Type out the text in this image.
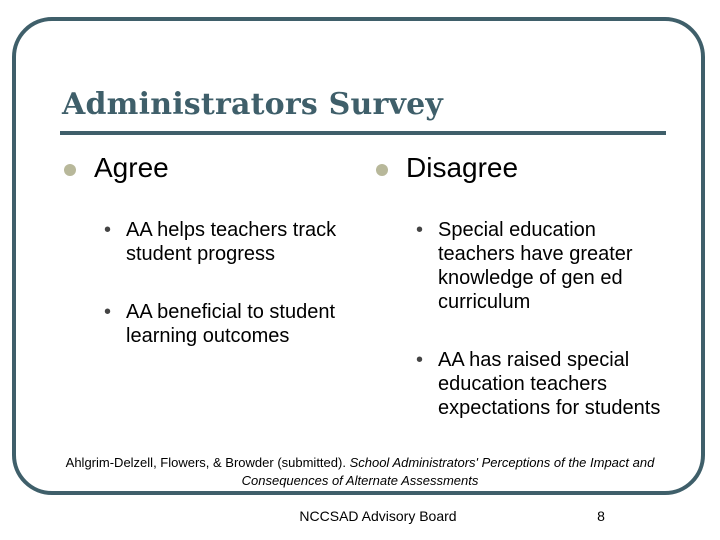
Administrators Survey
Agree
• AA helps teachers track student progress
• AA beneficial to student learning outcomes
Disagree
• Special education teachers have greater knowledge of gen ed curriculum
• AA has raised special education teachers expectations for students
Ahlgrim-Delzell, Flowers, & Browder (submitted). School Administrators' Perceptions of the Impact and Consequences of Alternate Assessments
NCCSAD Advisory Board	8
